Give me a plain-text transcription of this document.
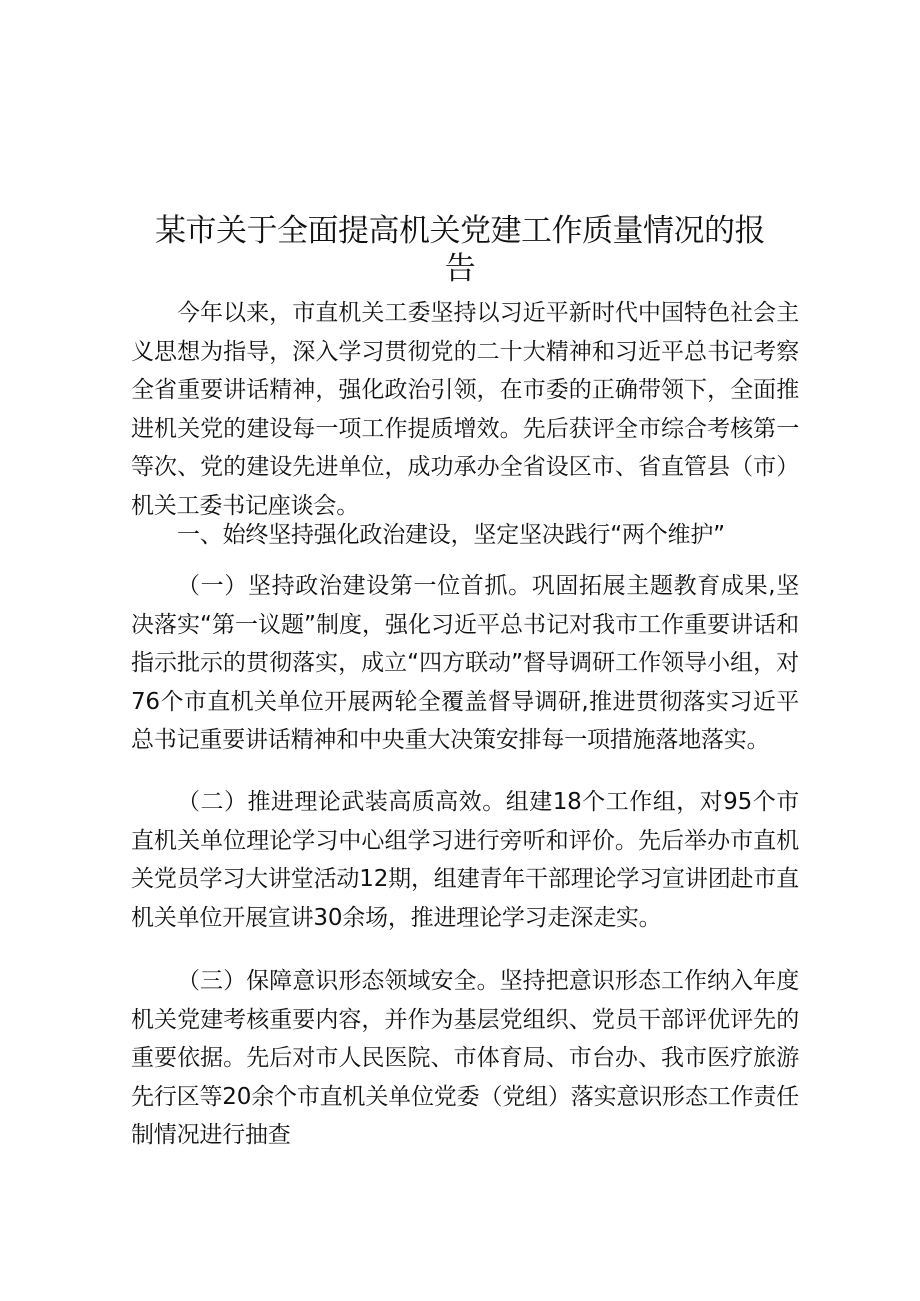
某市关于全面提高机关党建工作质量情况的报告

今年以来，市直机关工委坚持以习近平新时代中国特色社会主义思想为指导，深入学习贯彻党的二十大精神和习近平总书记考察全省重要讲话精神，强化政治引领，在市委的正确带领下，全面推进机关党的建设每一项工作提质增效。先后获评全市综合考核第一等次、党的建设先进单位，成功承办全省设区市、省直管县（市）机关工委书记座谈会。

一、始终坚持强化政治建设，坚定坚决践行“两个维护”

（一）坚持政治建设第一位首抓。巩固拓展主题教育成果,坚决落实“第一议题”制度，强化习近平总书记对我市工作重要讲话和指示批示的贯彻落实，成立“四方联动”督导调研工作领导小组，对76个市直机关单位开展两轮全覆盖督导调研,推进贯彻落实习近平总书记重要讲话精神和中央重大决策安排每一项措施落地落实。

（二）推进理论武装高质高效。组建18个工作组，对95个市直机关单位理论学习中心组学习进行旁听和评价。先后举办市直机关党员学习大讲堂活动12期，组建青年干部理论学习宣讲团赴市直机关单位开展宣讲30余场，推进理论学习走深走实。

（三）保障意识形态领域安全。坚持把意识形态工作纳入年度机关党建考核重要内容，并作为基层党组织、党员干部评优评先的重要依据。先后对市人民医院、市体育局、市台办、我市医疗旅游先行区等20余个市直机关单位党委（党组）落实意识形态工作责任制情况进行抽查
